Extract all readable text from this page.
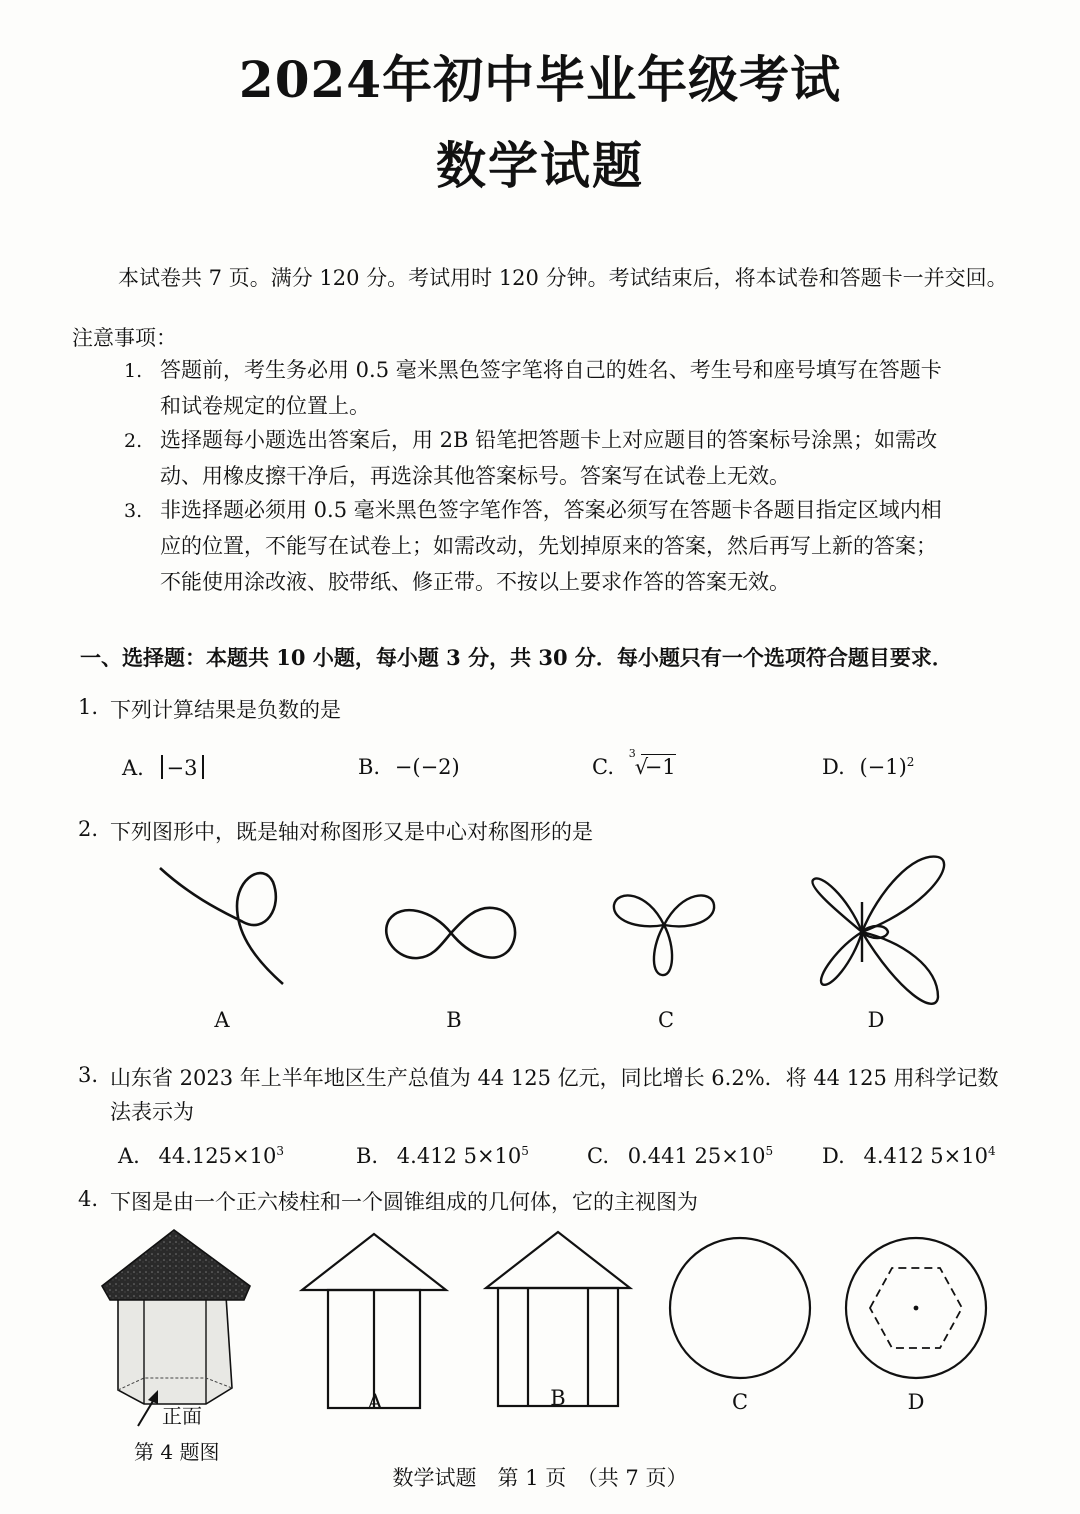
2024年初中毕业年级考试
数学试题
本试卷共 7 页。满分 120 分。考试用时 120 分钟。考试结束后，将本试卷和答题卡一并交回。
注意事项：
1. 答题前，考生务必用 0.5 毫米黑色签字笔将自己的姓名、考生号和座号填写在答题卡
和试卷规定的位置上。
2. 选择题每小题选出答案后，用 2B 铅笔把答题卡上对应题目的答案标号涂黑；如需改
动、用橡皮擦干净后，再选涂其他答案标号。答案写在试卷上无效。
3. 非选择题必须用 0.5 毫米黑色签字笔作答，答案必须写在答题卡各题目指定区域内相
应的位置，不能写在试卷上；如需改动，先划掉原来的答案，然后再写上新的答案；
不能使用涂改液、胶带纸、修正带。不按以上要求作答的答案无效。
一、选择题：本题共 10 小题，每小题 3 分，共 30 分．每小题只有一个选项符合题目要求．
1. 下列计算结果是负数的是
A. −3	B. −(−2)	C.
3
√
−1	D. $(-1)^2$
2. 下列图形中，既是轴对称图形又是中心对称图形的是
A	B	C	D
3. 山东省 2023 年上半年地区生产总值为 44 125 亿元，同比增长 6.2%．将 44 125 用科学记数
法表示为
A. $44.125\times 10^3$	B. 4.412 $5\times 10^5$	C. 0.441 $25\times 10^5$ D. 4.412 $5\times 10^4$
4. 下图是由一个正六棱柱和一个圆锥组成的几何体，它的主视图为
正面
第 4 题图
A	B	C	D
数学试题　第 1 页　（共 7 页）
